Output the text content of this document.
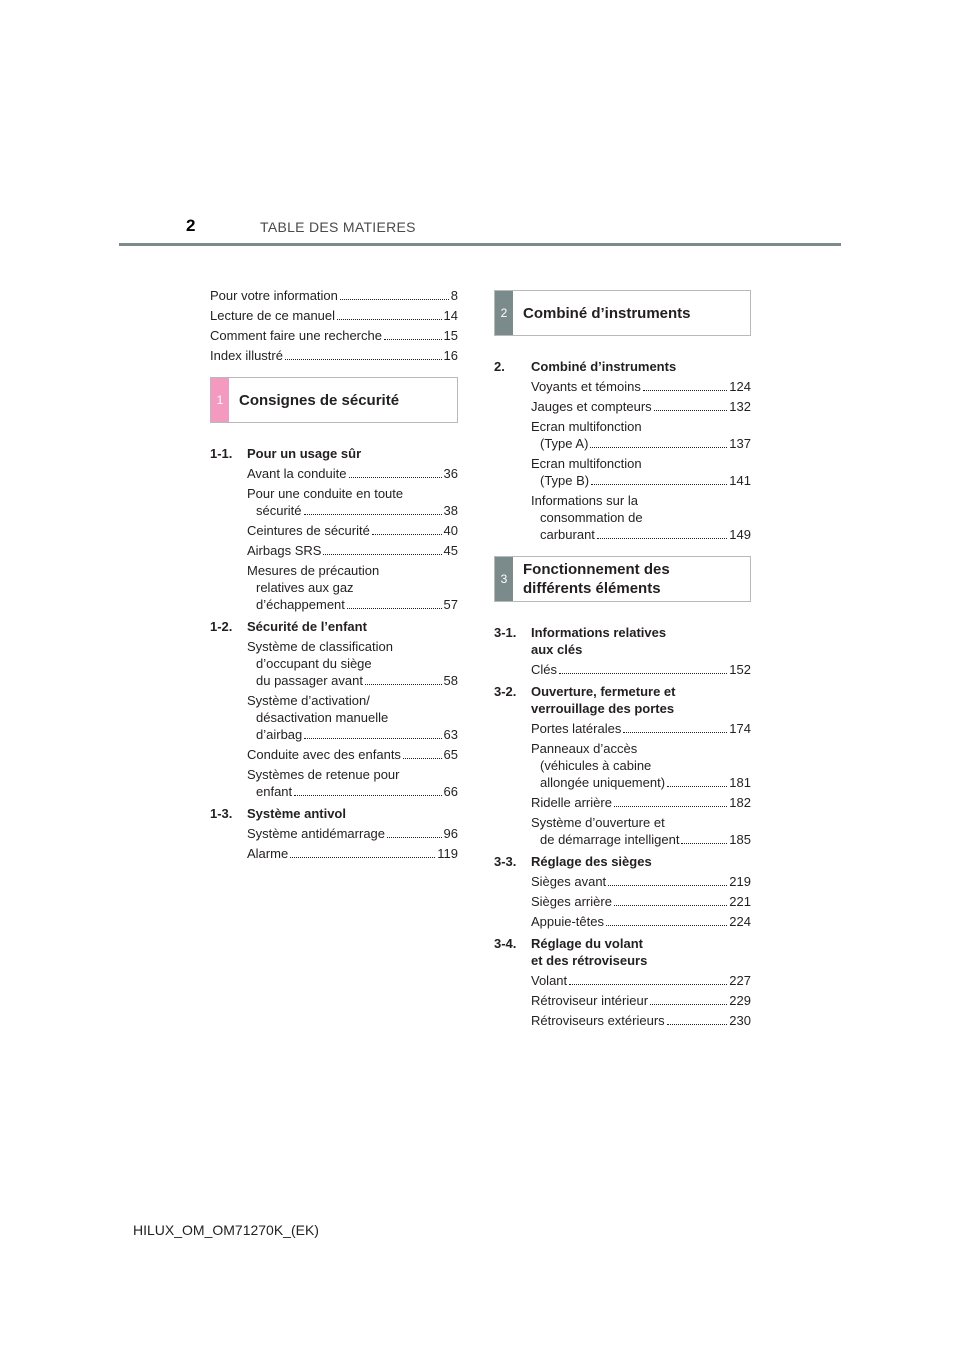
2	TABLE DES MATIERES
Pour votre information	8
Lecture de ce manuel	14
Comment faire une recherche	15
Index illustré	16
1	Consignes de sécurité
1-1.	Pour un usage sûr
Avant la conduite	36
Pour une conduite en toute
sécurité	38
Ceintures de sécurité	40
Airbags SRS	45
Mesures de précaution
relatives aux gaz
d’échappement	57
1-2.	Sécurité de l’enfant
Système de classification
d’occupant du siège
du passager avant	58
Système d’activation/
désactivation manuelle
d’airbag	63
Conduite avec des enfants	65
Systèmes de retenue pour
enfant	66
1-3.	Système antivol
Système antidémarrage	96
Alarme	119
2	Combiné d’instruments
2.	Combiné d’instruments
Voyants et témoins	124
Jauges et compteurs	132
Ecran multifonction
(Type A)	137
Ecran multifonction
(Type B)	141
Informations sur la
consommation de
carburant	149
3
Fonctionnement des
différents éléments
3-1.	Informations relatives
aux clés
Clés	152
3-2.	Ouverture, fermeture et
verrouillage des portes
Portes latérales	174
Panneaux d’accès
(véhicules à cabine
allongée uniquement)	181
Ridelle arrière	182
Système d’ouverture et
de démarrage intelligent	185
3-3.	Réglage des sièges
Sièges avant	219
Sièges arrière	221
Appuie-têtes	224
3-4.	Réglage du volant
et des rétroviseurs
Volant	227
Rétroviseur intérieur	229
Rétroviseurs extérieurs	230
HILUX_OM_OM71270K_(EK)
